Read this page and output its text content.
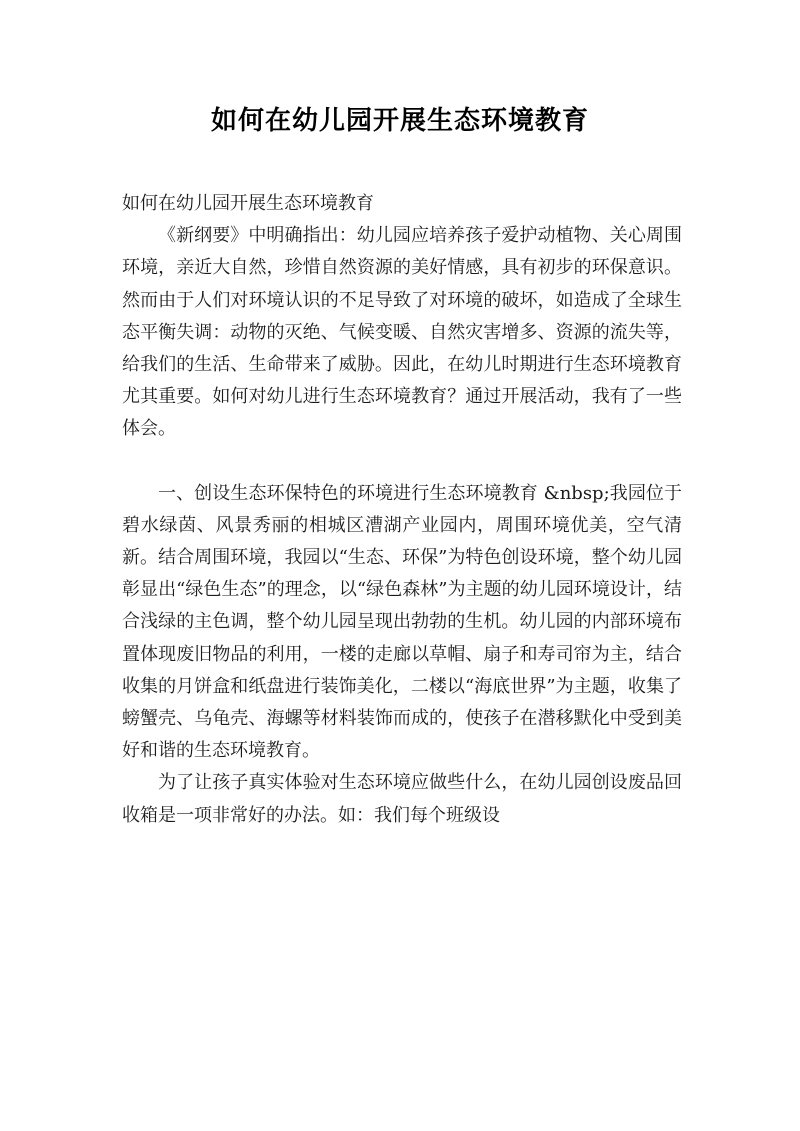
如何在幼儿园开展生态环境教育

如何在幼儿园开展生态环境教育

《新纲要》中明确指出：幼儿园应培养孩子爱护动植物、关心周围环境，亲近大自然，珍惜自然资源的美好情感，具有初步的环保意识。然而由于人们对环境认识的不足导致了对环境的破坏，如造成了全球生态平衡失调：动物的灭绝、气候变暖、自然灾害增多、资源的流失等，给我们的生活、生命带来了威胁。因此，在幼儿时期进行生态环境教育尤其重要。如何对幼儿进行生态环境教育？通过开展活动，我有了一些体会。

一、创设生态环保特色的环境进行生态环境教育 &nbsp;我园位于碧水绿茵、风景秀丽的相城区漕湖产业园内，周围环境优美，空气清新。结合周围环境，我园以“生态、环保”为特色创设环境，整个幼儿园彰显出“绿色生态”的理念，以“绿色森林”为主题的幼儿园环境设计，结合浅绿的主色调，整个幼儿园呈现出勃勃的生机。幼儿园的内部环境布置体现废旧物品的利用，一楼的走廊以草帽、扇子和寿司帘为主，结合收集的月饼盒和纸盘进行装饰美化，二楼以“海底世界”为主题，收集了螃蟹壳、乌龟壳、海螺等材料装饰而成的，使孩子在潜移默化中受到美好和谐的生态环境教育。

为了让孩子真实体验对生态环境应做些什么，在幼儿园创设废品回收箱是一项非常好的办法。如：我们每个班级设
